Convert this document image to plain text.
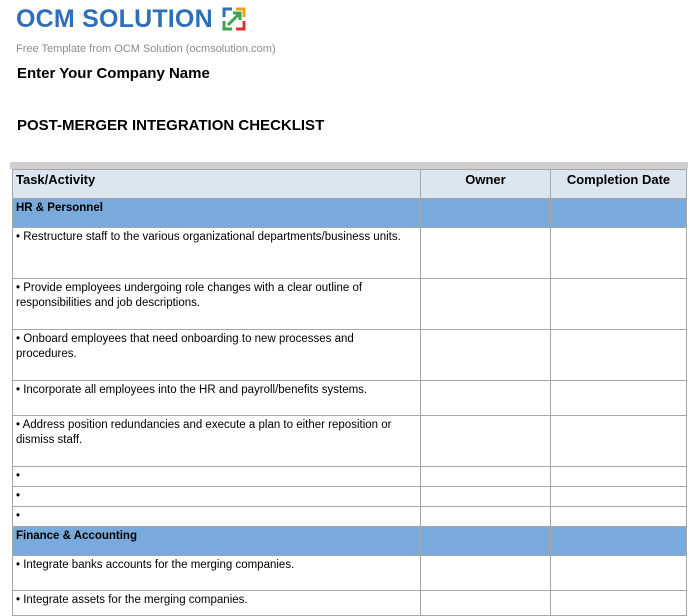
OCM SOLUTION
Free Template from OCM Solution (ocmsolution.com)
Enter Your Company Name
POST-MERGER INTEGRATION CHECKLIST
Task/Activity	Owner	Completion Date
HR & Personnel		
• Restructure staff to the various organizational departments/business units.		
• Provide employees undergoing role changes with a clear outline of responsibilities and job descriptions.		
• Onboard employees that need onboarding to new processes and procedures.		
• Incorporate all employees into the HR and payroll/benefits systems.		
• Address position redundancies and execute a plan to either reposition or dismiss staff.		
•		
•		
•		
Finance & Accounting		
• Integrate banks accounts for the merging companies.		
• Integrate assets for the merging companies.		
